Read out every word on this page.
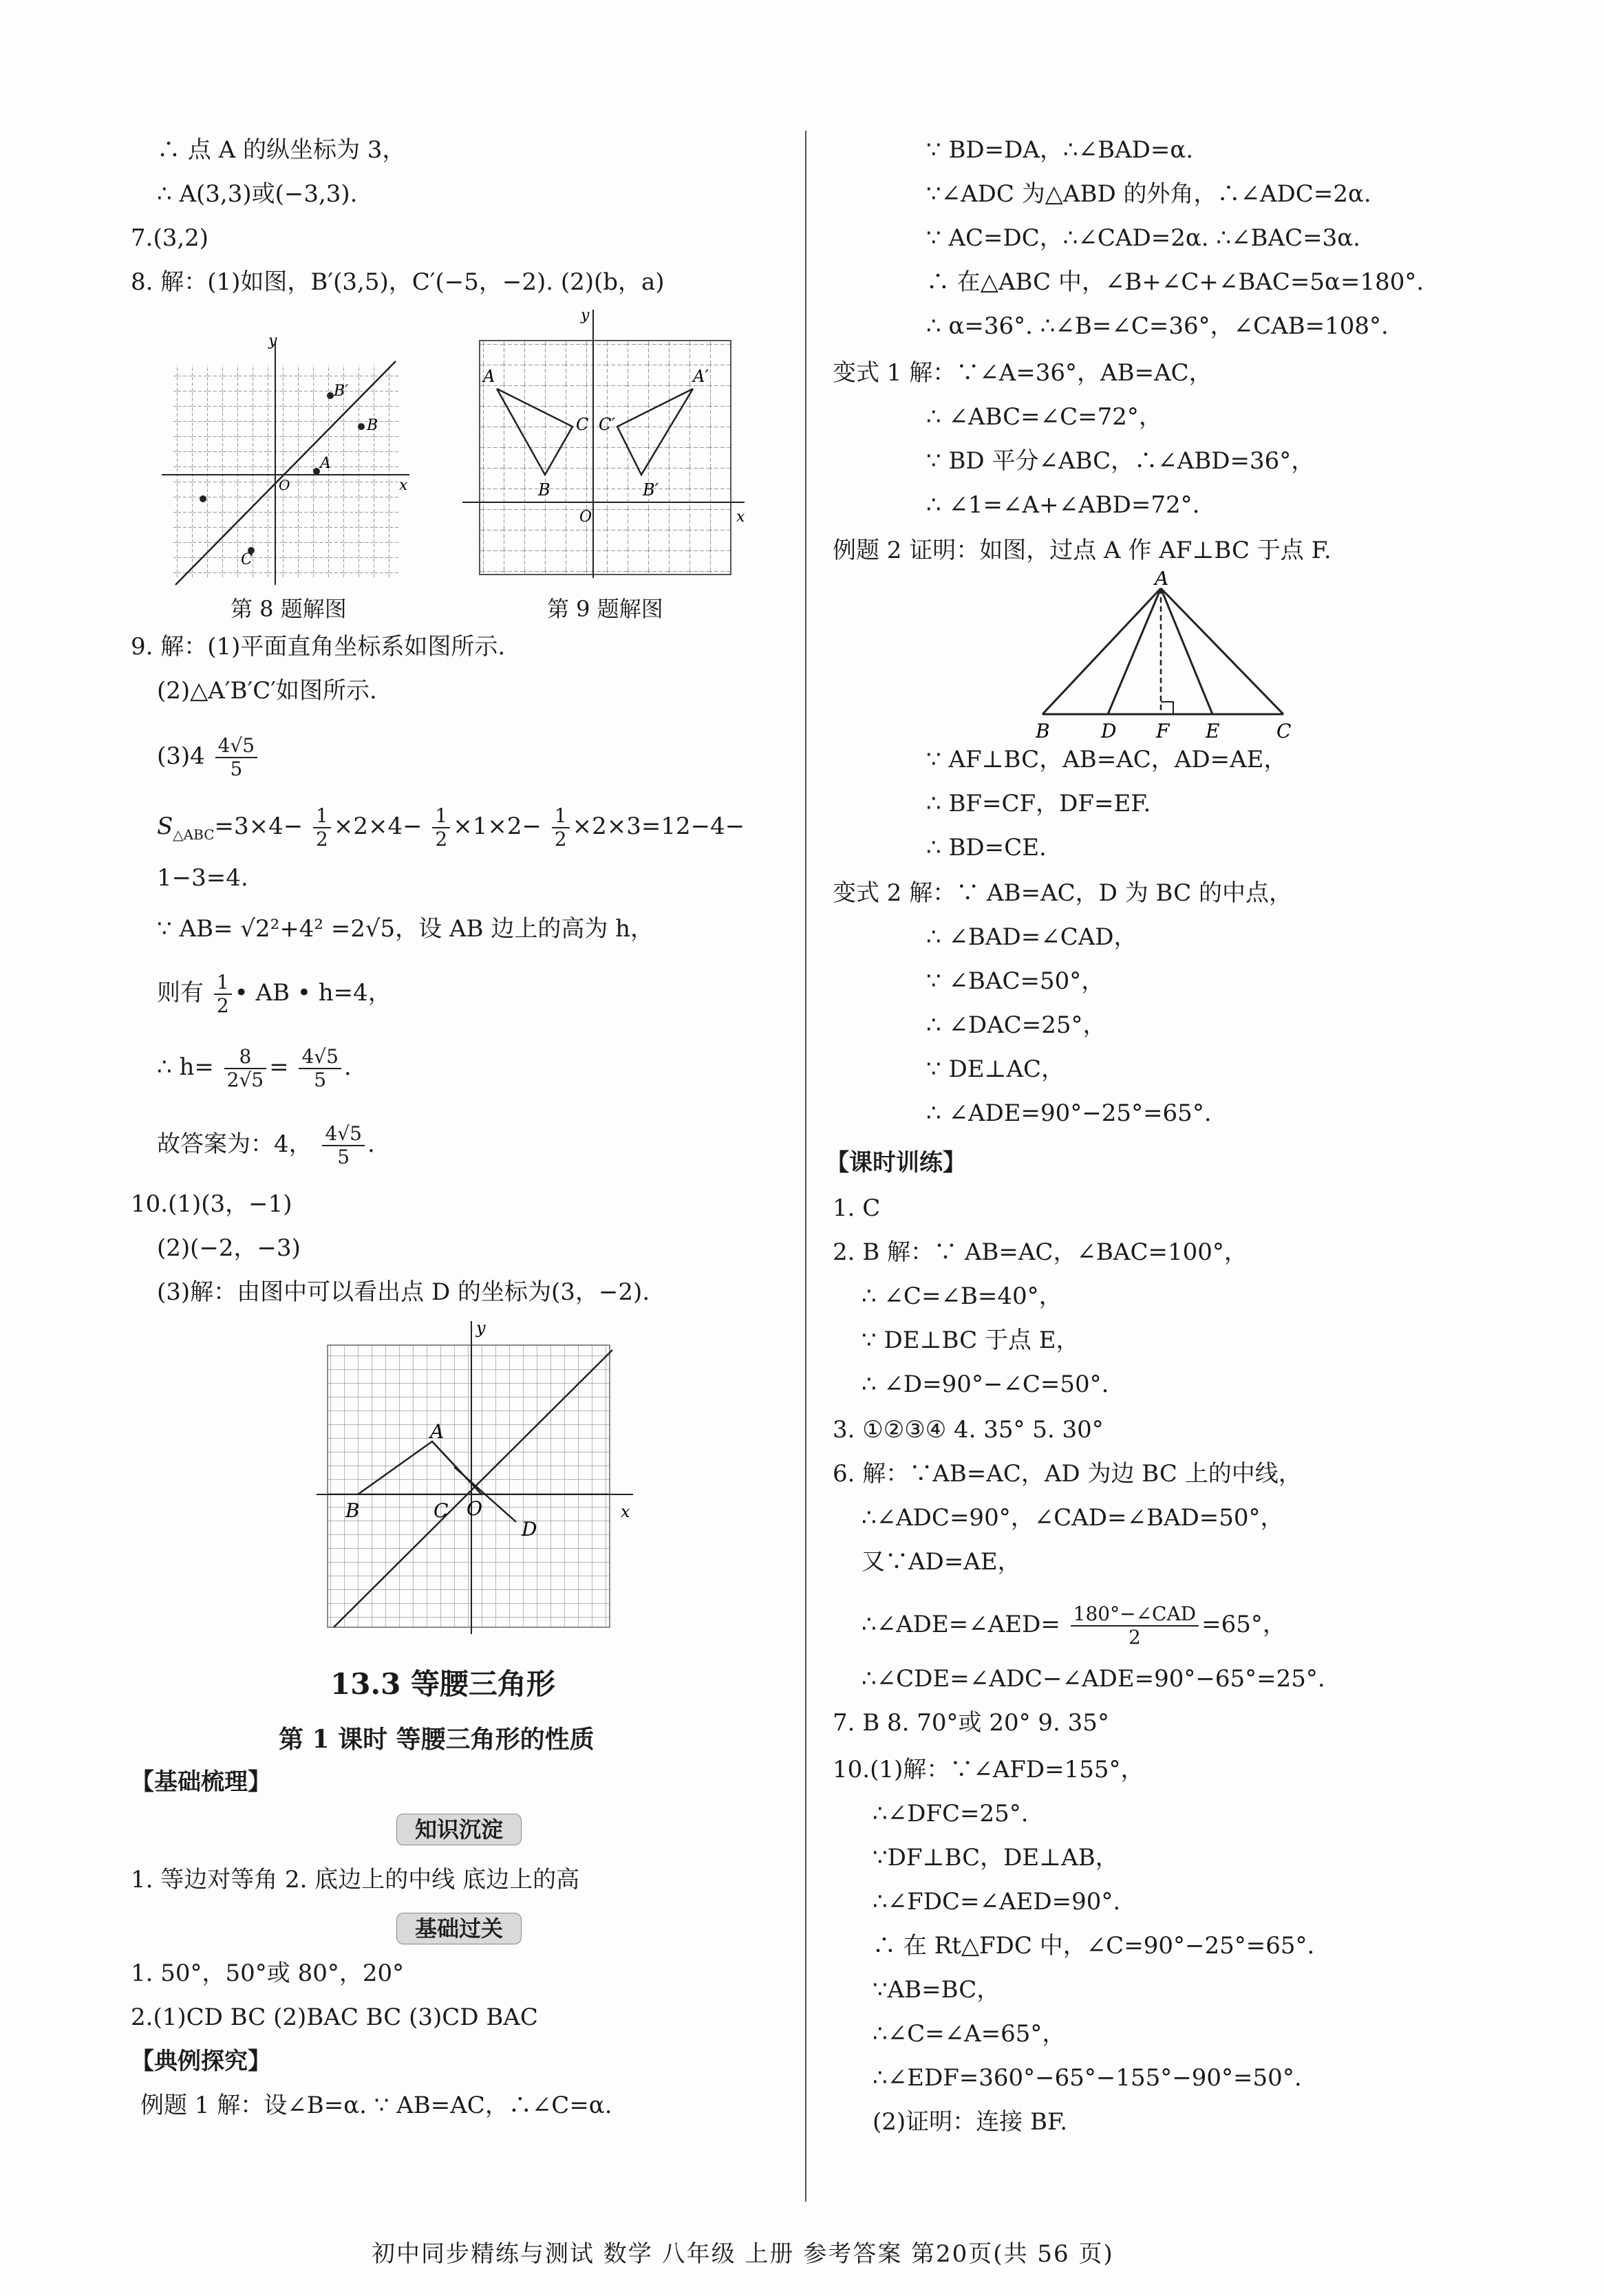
∴ 点 A 的纵坐标为 3，
∴ A(3,3)或(−3,3).
7.(3,2)
8. 解：(1)如图，B′(3,5)，C′(−5，−2). (2)(b，a)
y
B
B′
A
C
O	x
第 8 题解图
y
A	A′
C C′
B	B′
O	x
第 9 题解图
9. 解：(1)平面直角坐标系如图所示.
(2)△A′B′C′如图所示.
$(3)4 \frac{4√5}{5}$
$S_{\triangle ABC}=3\times 4- \frac{1}{2} \times 2\times 4- \frac{1}{2} \times 1\times 2- \frac{1}{2} \times 2\times 3=12-4-$
1−3=4.
∵ AB= √2²+4² =2√5，设 AB 边上的高为 h，
则有 $\frac{1}{2}$ • AB • h=4，
∴ $h= \frac{8}{2√5} = \frac{4√5}{5}$ .
故答案为：4， $\frac{4√5}{5}$ .
10.(1)(3，−1)
(2)(−2，−3)
(3)解：由图中可以看出点 D 的坐标为(3，−2).
y
A
B	C O
D
x
13.3 等腰三角形
第 1 课时 等腰三角形的性质
【基础梳理】
知识沉淀
1. 等边对等角 2. 底边上的中线 底边上的高
基础过关
1. 50°，50°或 80°，20°
2.(1)CD BC (2)BAC BC (3)CD BAC
【典例探究】
例题 1 解：设∠B=α. ∵ AB=AC，∴∠C=α.
∵ BD=DA，∴∠BAD=α.
∵∠ADC 为△ABD 的外角，∴∠ADC=2α.
∵ AC=DC，∴∠CAD=2α. ∴∠BAC=3α.
∴ 在△ABC 中，∠B+∠C+∠BAC=5α=180°.
∴ α=36°. ∴∠B=∠C=36°，∠CAB=108°.
变式 1 解：∵∠A=36°，AB=AC，
∴ ∠ABC=∠C=72°，
∵ BD 平分∠ABC，∴∠ABD=36°，
∴ ∠1=∠A+∠ABD=72°.
例题 2 证明：如图，过点 A 作 AF⊥BC 于点 F.
A
B	D F E	C
∵ AF⊥BC，AB=AC，AD=AE，
∴ BF=CF，DF=EF.
∴ BD=CE.
变式 2 解：∵ AB=AC，D 为 BC 的中点，
∴ ∠BAD=∠CAD，
∵ ∠BAC=50°，
∴ ∠DAC=25°，
∵ DE⊥AC，
∴ ∠ADE=90°−25°=65°.
【课时训练】
1. C
2. B 解：∵ AB=AC，∠BAC=100°，
∴ ∠C=∠B=40°，
∵ DE⊥BC 于点 E，
∴ ∠D=90°−∠C=50°.
3. ①②③④ 4. 35° 5. 30°
6. 解：∵AB=AC，AD 为边 BC 上的中线，
∴∠ADC=90°，∠CAD=∠BAD=50°，
又∵AD=AE，
∴∠ADE=∠AED= $\frac{\text{180°−∠CAD}}{2} =65^\circ$，
∴∠CDE=∠ADC−∠ADE=90°−65°=25°.
7. B 8. 70°或 20° 9. 35°
10.(1)解：∵∠AFD=155°，
∴∠DFC=25°.
∵DF⊥BC，DE⊥AB，
∴∠FDC=∠AED=90°.
∴ 在 Rt△FDC 中，∠C=90°−25°=65°.
∵AB=BC，
∴∠C=∠A=65°，
∴∠EDF=360°−65°−155°−90°=50°.
(2)证明：连接 BF.
初中同步精练与测试 数学 八年级 上册 参考答案 第20页(共 56 页)
